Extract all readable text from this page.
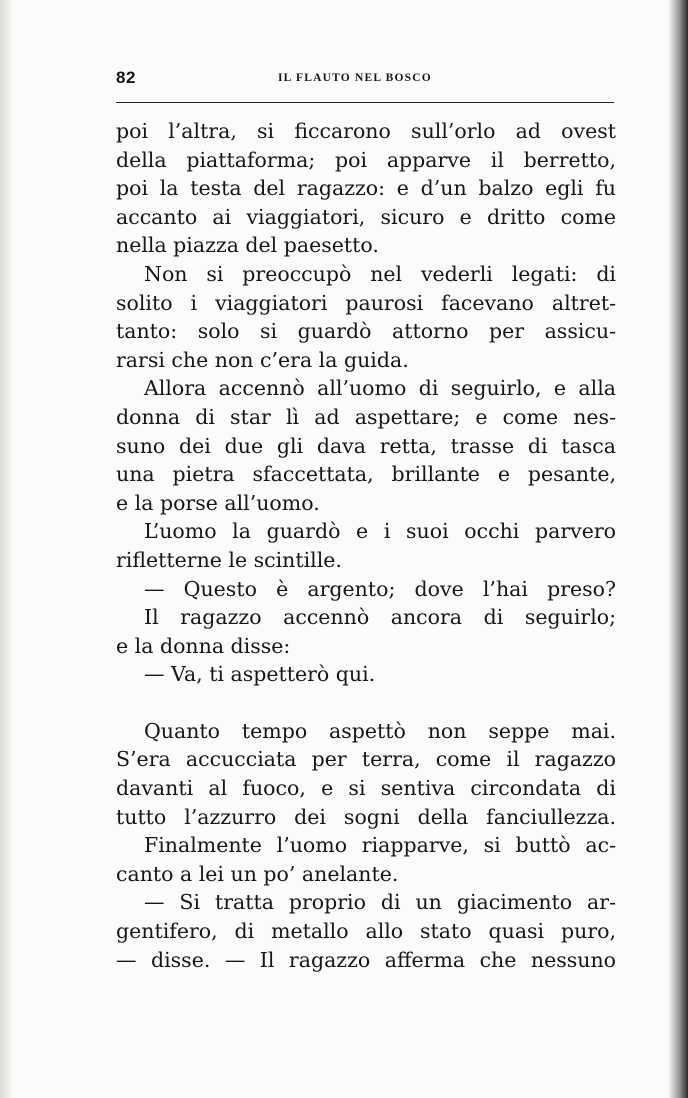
82	IL FLAUTO NEL BOSCO
poi l’altra, si ficcarono sull’orlo ad ovest
della piattaforma; poi apparve il berretto,
poi la testa del ragazzo: e d’un balzo egli fu
accanto ai viaggiatori, sicuro e dritto come
nella piazza del paesetto.
Non si preoccupò nel vederli legati: di
solito i viaggiatori paurosi facevano altret-
tanto: solo si guardò attorno per assicu-
rarsi che non c’era la guida.
Allora accennò all’uomo di seguirlo, e alla
donna di star lì ad aspettare; e come nes-
suno dei due gli dava retta, trasse di tasca
una pietra sfaccettata, brillante e pesante,
e la porse all’uomo.
L’uomo la guardò e i suoi occhi parvero
rifletterne le scintille.
— Questo è argento; dove l’hai preso?
Il ragazzo accennò ancora di seguirlo;
e la donna disse:
— Va, ti aspetterò qui.
Quanto tempo aspettò non seppe mai.
S’era accucciata per terra, come il ragazzo
davanti al fuoco, e si sentiva circondata di
tutto l’azzurro dei sogni della fanciullezza.
Finalmente l’uomo riapparve, si buttò ac-
canto a lei un po’ anelante.
— Si tratta proprio di un giacimento ar-
gentifero, di metallo allo stato quasi puro,
— disse. — Il ragazzo afferma che nessuno
